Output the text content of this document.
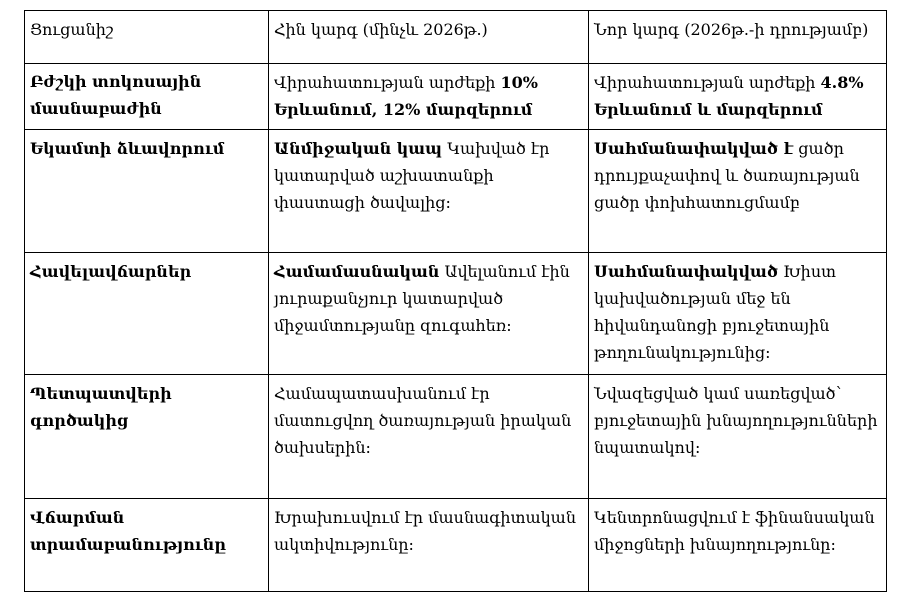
Ցուցանիշ	Հին կարգ (մինչև 2026թ.)	Նոր կարգ (2026թ.-ի դրությամբ)
Բժշկի տոկոսային մասնաբաժին	Վիրահատության արժեքի 10% Երևանում, 12% մարզերում	Վիրահատության արժեքի 4.8% Երևանում և մարզերում
Եկամտի ձևավորում	Անմիջական կապ Կախված էր կատարված աշխատանքի փաստացի ծավալից:	Սահմանափակված է ցածր դրույքաչափով և ծառայության ցածր փոխհատուցմամբ
Հավելավճարներ	Համամասնական Ավելանում էին յուրաքանչյուր կատարված միջամտությանը զուգահեռ:	Սահմանափակված Խիստ կախվածության մեջ են հիվանդանոցի բյուջետային թողունակությունից:
Պետպատվերի գործակից	Համապատասխանում էր մատուցվող ծառայության իրական ծախսերին:	Նվազեցված կամ սառեցված՝ բյուջետային խնայողությունների նպատակով:
Վճարման տրամաբանությունը	Խրախուսվում էր մասնագիտական ակտիվությունը:	Կենտրոնացվում է ֆինանսական միջոցների խնայողությունը:
